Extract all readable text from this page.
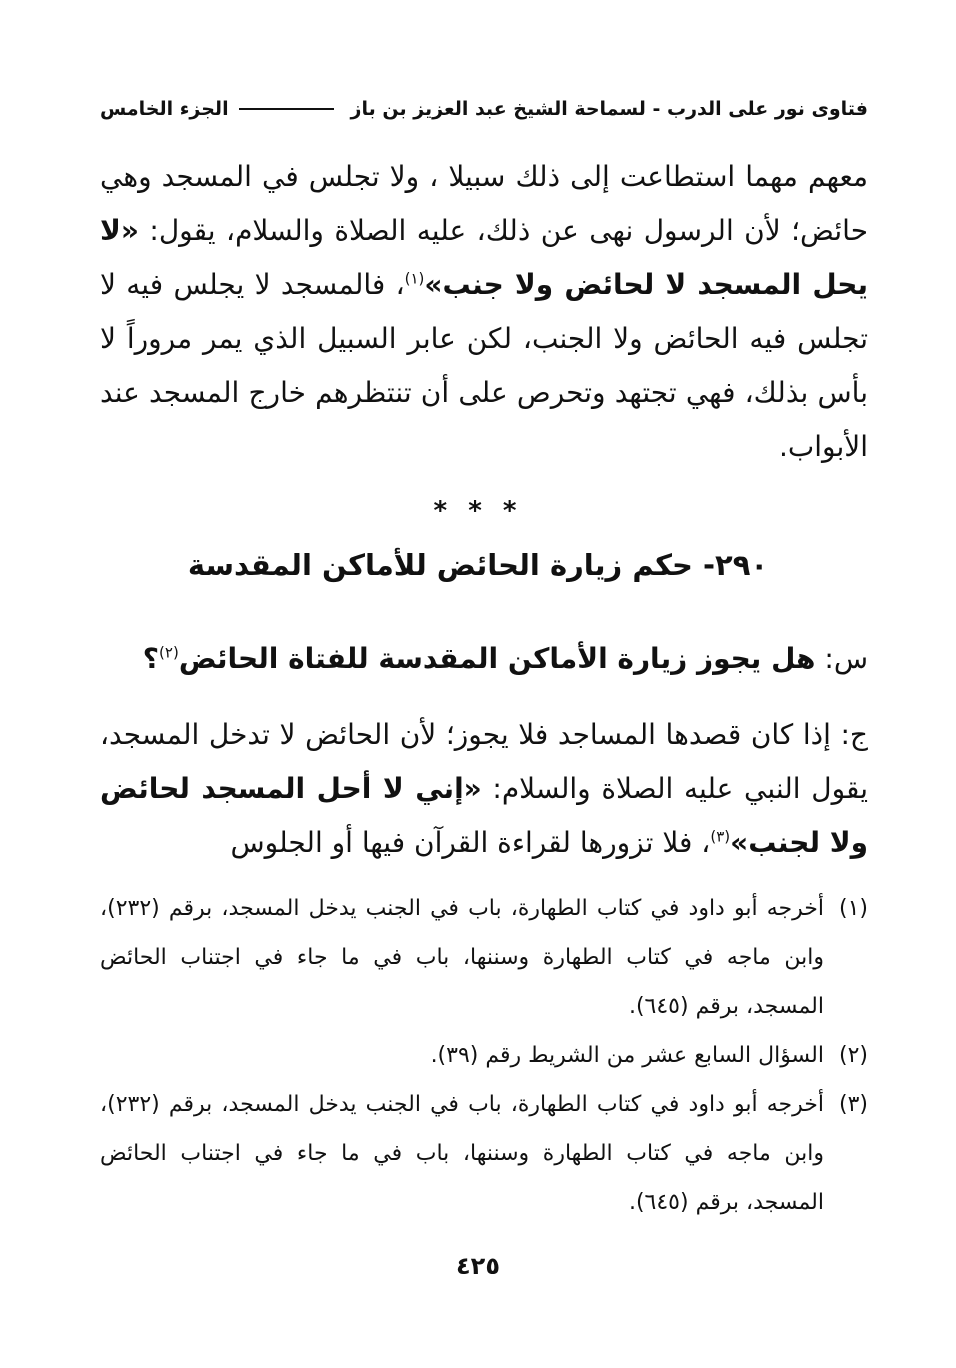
فتاوى نور على الدرب - لسماحة الشيخ عبد العزيز بن باز
الجزء الخامس
معهم مهما استطاعت إلى ذلك سبيلا ، ولا تجلس في المسجد وهي حائض؛ لأن الرسول نهى عن ذلك، عليه الصلاة والسلام، يقول: «لا يحل المسجد لا لحائض ولا جنب»$^{(١)}$، فالمسجد لا يجلس فيه لا تجلس فيه الحائض ولا الجنب، لكن عابر السبيل الذي يمر مروراً لا بأس بذلك، فهي تجتهد وتحرص على أن تنتظرهم خارج المسجد عند الأبواب.
* * *
٢٩٠- حكم زيارة الحائض للأماكن المقدسة
س: هل يجوز زيارة الأماكن المقدسة للفتاة الحائض$^{(٢)}$؟
ج: إذا كان قصدها المساجد فلا يجوز؛ لأن الحائض لا تدخل المسجد، يقول النبي عليه الصلاة والسلام: «إني لا أحل المسجد لحائض ولا لجنب»$^{(٣)}$، فلا تزورها لقراءة القرآن فيها أو الجلوس
(١)
أخرجه أبو داود في كتاب الطهارة، باب في الجنب يدخل المسجد، برقم (٢٣٢)، وابن ماجه في كتاب الطهارة وسننها، باب في ما جاء في اجتناب الحائض المسجد، برقم (٦٤٥).
(٢)
السؤال السابع عشر من الشريط رقم (٣٩).
(٣)
أخرجه أبو داود في كتاب الطهارة، باب في الجنب يدخل المسجد، برقم (٢٣٢)، وابن ماجه في كتاب الطهارة وسننها، باب في ما جاء في اجتناب الحائض المسجد، برقم (٦٤٥).
٤٢٥
